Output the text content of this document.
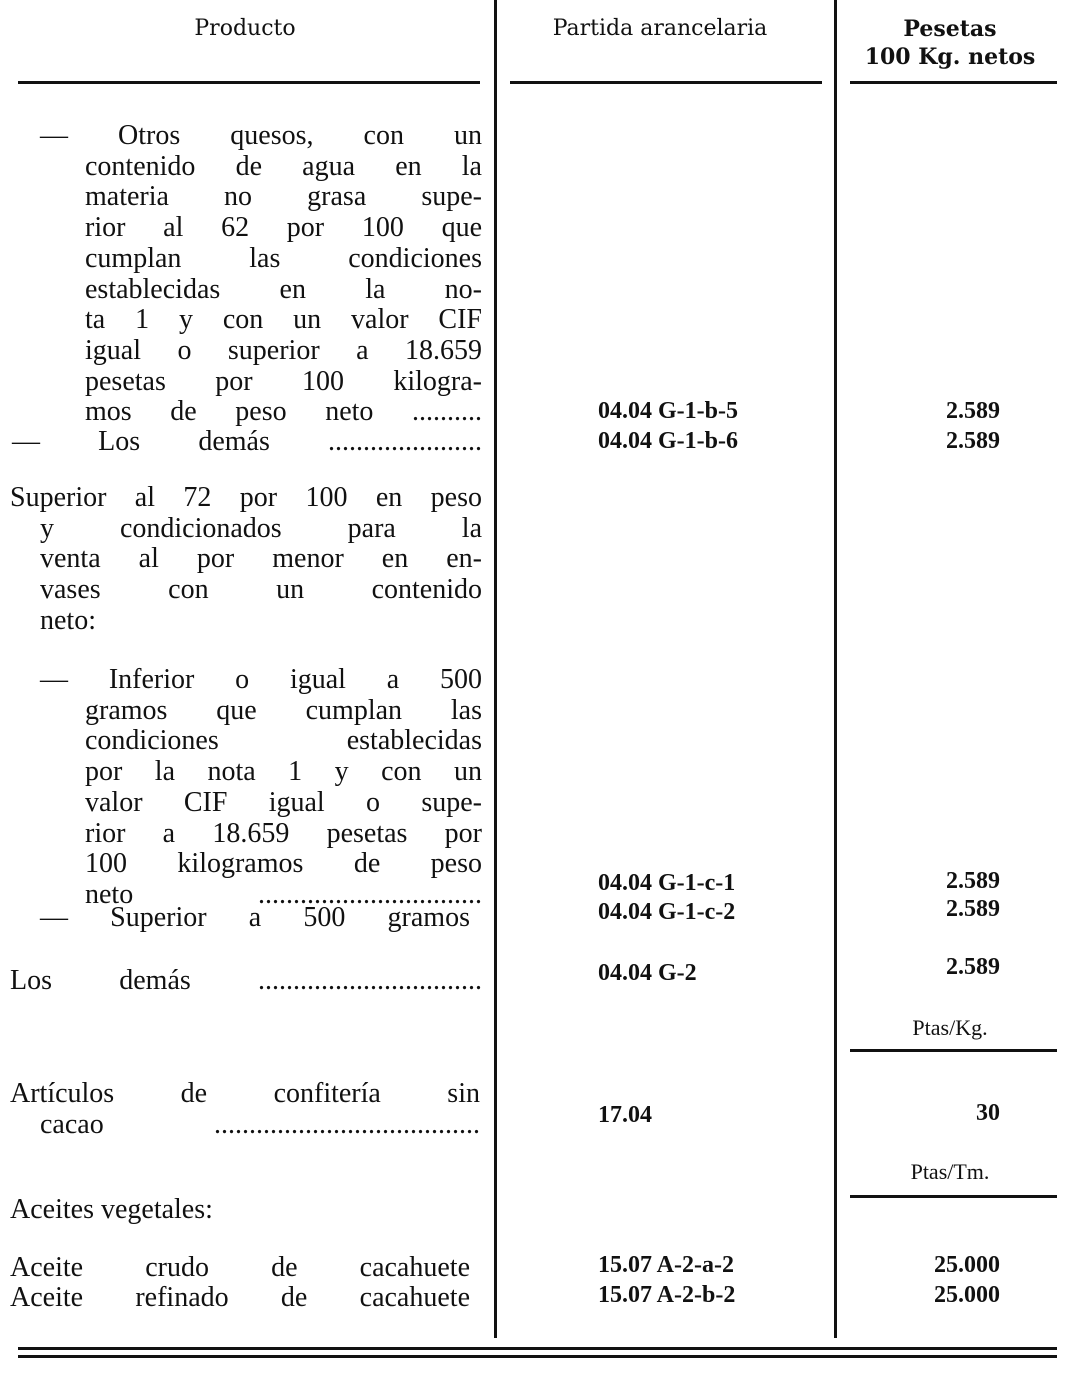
Producto	Partida arancelaria	Pesetas
100 Kg. netos
Ptas/Kg.
Ptas/Tm.
— Otros quesos, con un
contenido de agua en la
materia no grasa supe-
rior al 62 por 100 que
cumplan las condiciones
establecidas en la no-
ta 1 y con un valor CIF
igual o superior a 18.659
pesetas por 100 kilogra-
mos de peso neto ..........
— Los demás ......................
Superior al 72 por 100 en peso
y condicionados para la
venta al por menor en en-
vases con un contenido
neto:
— Inferior o igual a 500
gramos que cumplan las
condiciones establecidas
por la nota 1 y con un
valor CIF igual o supe-
rior a 18.659 pesetas por
100 kilogramos de peso
neto ................................
— Superior a 500 gramos
Los demás ................................
Artículos de confitería sin
cacao ......................................
Aceites vegetales:
Aceite crudo de cacahuete
Aceite refinado de cacahuete
04.04 G-1-b-5
04.04 G-1-b-6
04.04 G-1-c-1
04.04 G-1-c-2
04.04 G-2
17.04
15.07 A-2-a-2
15.07 A-2-b-2
2.589
2.589
2.589
2.589
2.589
30
25.000
25.000
